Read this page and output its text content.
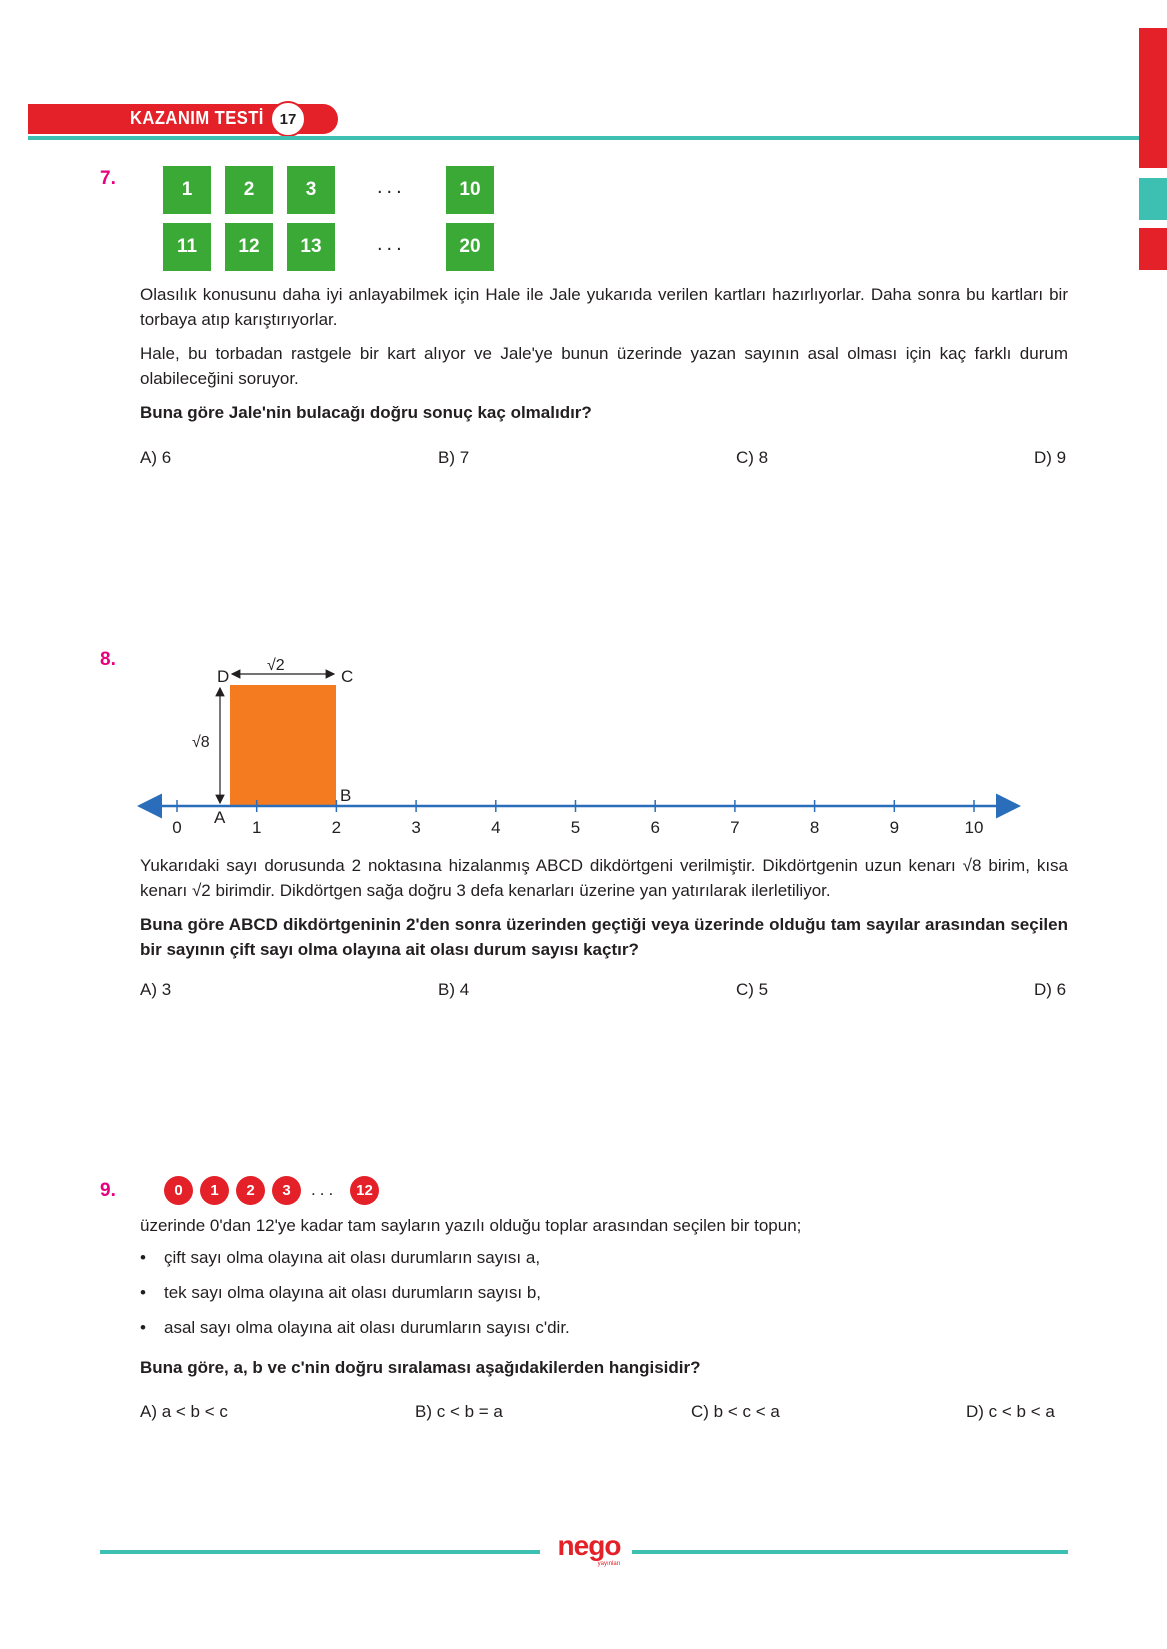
KAZANIM TESTİ 17
7.
1	2	3	...	10
11	12	13	...	20
Olasılık konusunu daha iyi anlayabilmek için Hale ile Jale yukarıda verilen kartları hazırlıyorlar. Daha sonra bu kartları bir torbaya atıp karıştırıyorlar.
Hale, bu torbadan rastgele bir kart alıyor ve Jale'ye bunun üzerinde yazan sayının asal olması için kaç farklı durum olabileceğini soruyor.
Buna göre Jale'nin bulacağı doğru sonuç kaç olmalıdır?
A) 6	B) 7	C) 8	D) 9
8.
0	1	2	3	4	5	6	7	8	9	10
D	C
B
A
√2
√8
Yukarıdaki sayı dorusunda 2 noktasına hizalanmış ABCD dikdörtgeni verilmiştir. Dikdörtgenin uzun kenarı √8 birim, kısa kenarı √2 birimdir. Dikdörtgen sağa doğru 3 defa kenarları üzerine yan yatırılarak ilerletiliyor.
Buna göre ABCD dikdörtgeninin 2'den sonra üzerinden geçtiği veya üzerinde olduğu tam sayılar arasından seçilen bir sayının çift sayı olma olayına ait olası durum sayısı kaçtır?
A) 3	B) 4	C) 5	D) 6
9.	0	1	2	3	...	12
üzerinde 0'dan 12'ye kadar tam sayların yazılı olduğu toplar arasından seçilen bir topun;
• çift sayı olma olayına ait olası durumların sayısı a,
• tek sayı olma olayına ait olası durumların sayısı b,
• asal sayı olma olayına ait olası durumların sayısı c'dir.
Buna göre, a, b ve c'nin doğru sıralaması aşağıdakilerden hangisidir?
A) a < b < c	B) c < b = a	C) b < c < a	D) c < b < a
nego
yayınları
